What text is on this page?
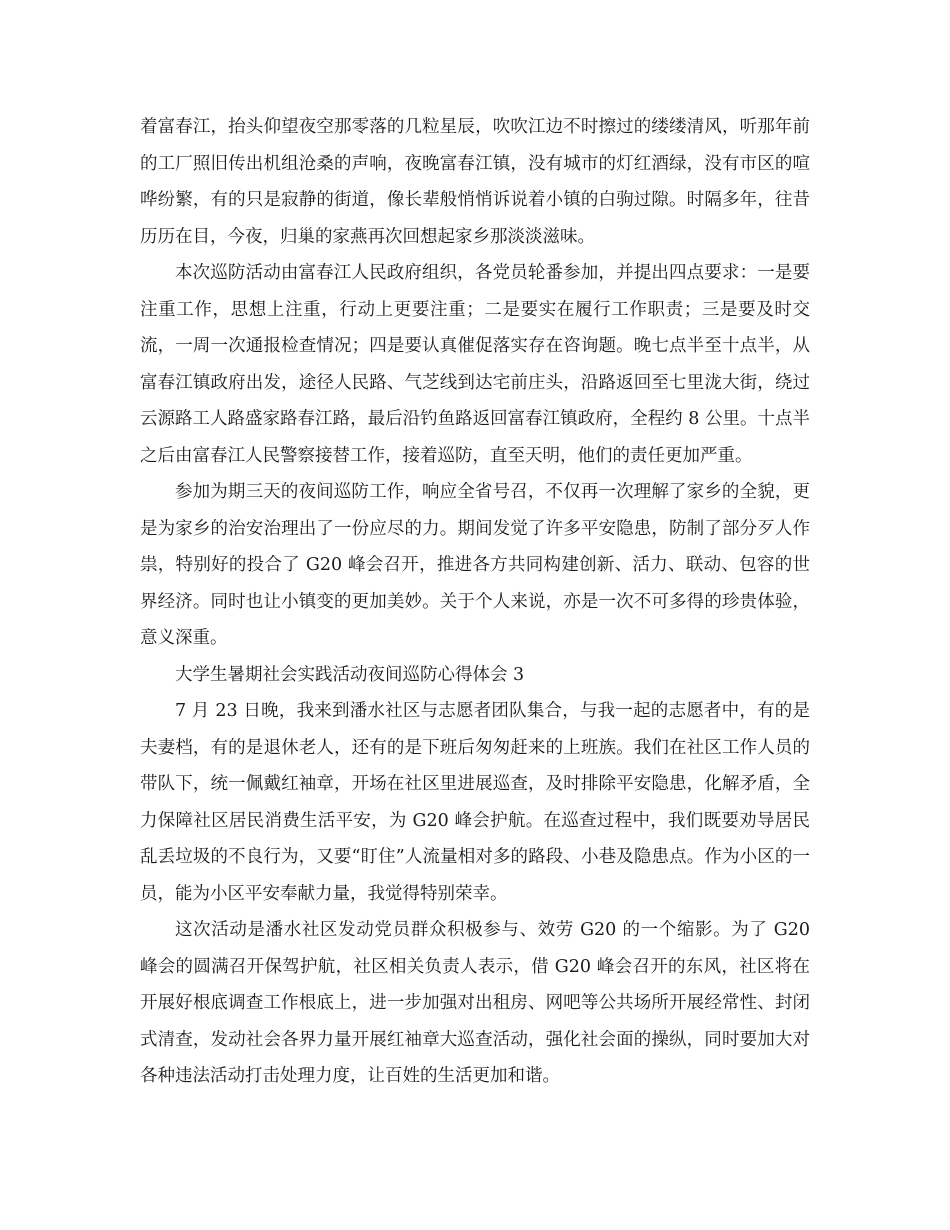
着富春江，抬头仰望夜空那零落的几粒星辰，吹吹江边不时擦过的缕缕清风，听那年前的工厂照旧传出机组沧桑的声响，夜晚富春江镇，没有城市的灯红酒绿，没有市区的喧哗纷繁，有的只是寂静的街道，像长辈般悄悄诉说着小镇的白驹过隙。时隔多年，往昔历历在目，今夜，归巢的家燕再次回想起家乡那淡淡滋味。

本次巡防活动由富春江人民政府组织，各党员轮番参加，并提出四点要求：一是要注重工作，思想上注重，行动上更要注重；二是要实在履行工作职责；三是要及时交流，一周一次通报检查情况；四是要认真催促落实存在咨询题。晚七点半至十点半，从富春江镇政府出发，途径人民路、气芝线到达宅前庄头，沿路返回至七里泷大街，绕过云源路工人路盛家路春江路，最后沿钓鱼路返回富春江镇政府，全程约 8 公里。十点半之后由富春江人民警察接替工作，接着巡防，直至天明，他们的责任更加严重。

参加为期三天的夜间巡防工作，响应全省号召，不仅再一次理解了家乡的全貌，更是为家乡的治安治理出了一份应尽的力。期间发觉了许多平安隐患，防制了部分歹人作祟，特别好的投合了 G20 峰会召开，推进各方共同构建创新、活力、联动、包容的世界经济。同时也让小镇变的更加美妙。关于个人来说，亦是一次不可多得的珍贵体验，意义深重。

大学生暑期社会实践活动夜间巡防心得体会 3

7 月 23 日晚，我来到潘水社区与志愿者团队集合，与我一起的志愿者中，有的是夫妻档，有的是退休老人，还有的是下班后匆匆赶来的上班族。我们在社区工作人员的带队下，统一佩戴红袖章，开场在社区里进展巡查，及时排除平安隐患，化解矛盾，全力保障社区居民消费生活平安，为 G20 峰会护航。在巡查过程中，我们既要劝导居民乱丢垃圾的不良行为，又要“盯住”人流量相对多的路段、小巷及隐患点。作为小区的一员，能为小区平安奉献力量，我觉得特别荣幸。

这次活动是潘水社区发动党员群众积极参与、效劳 G20 的一个缩影。为了 G20 峰会的圆满召开保驾护航，社区相关负责人表示，借 G20 峰会召开的东风，社区将在开展好根底调查工作根底上，进一步加强对出租房、网吧等公共场所开展经常性、封闭式清查，发动社会各界力量开展红袖章大巡查活动，强化社会面的操纵，同时要加大对各种违法活动打击处理力度，让百姓的生活更加和谐。
